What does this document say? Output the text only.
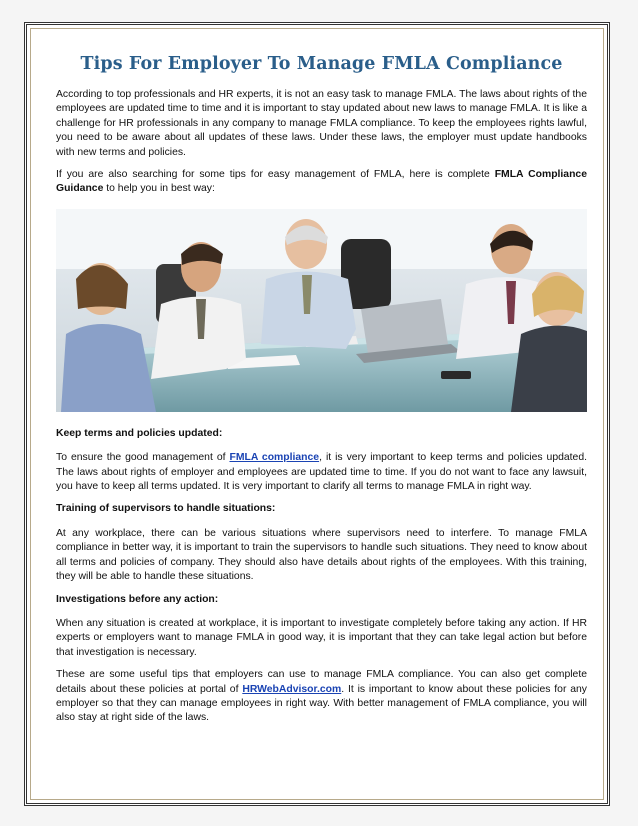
Tips For Employer To Manage FMLA Compliance

According to top professionals and HR experts, it is not an easy task to manage FMLA. The laws about rights of the employees are updated time to time and it is important to stay updated about new laws to manage FMLA. It is like a challenge for HR professionals in any company to manage FMLA compliance. To keep the employees rights lawful, you need to be aware about all updates of these laws. Under these laws, the employer must update handbooks with new terms and policies.

If you are also searching for some tips for easy management of FMLA, here is complete FMLA Compliance Guidance to help you in best way:

Keep terms and policies updated:

To ensure the good management of FMLA compliance, it is very important to keep terms and policies updated. The laws about rights of employer and employees are updated time to time. If you do not want to face any lawsuit, you have to keep all terms updated. It is very important to clarify all terms to manage FMLA in right way.

Training of supervisors to handle situations:

At any workplace, there can be various situations where supervisors need to interfere. To manage FMLA compliance in better way, it is important to train the supervisors to handle such situations. They need to know about all terms and policies of company. They should also have details about rights of the employees. With this training, they will be able to handle these situations.

Investigations before any action:

When any situation is created at workplace, it is important to investigate completely before taking any action. If HR experts or employers want to manage FMLA in good way, it is important that they can take legal action but before that investigation is necessary.

These are some useful tips that employers can use to manage FMLA compliance. You can also get complete details about these policies at portal of HRWebAdvisor.com. It is important to know about these policies for any employer so that they can manage employees in right way. With better management of FMLA compliance, you will also stay at right side of the laws.
